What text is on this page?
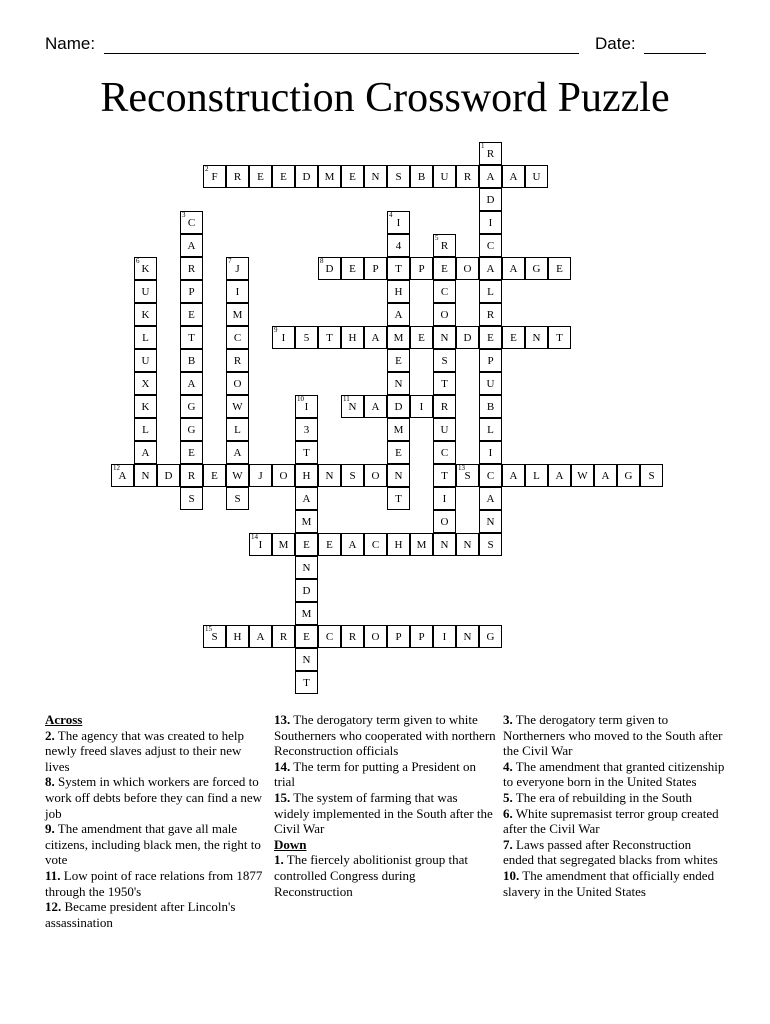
Name:	Date:
Reconstruction Crossword Puzzle
1
R
A
D
I
C
A
L
R
E
P
U
B
L
I
C
A
N
S
2
F	R	E	E	D	M	E	N	S	B	U	R	A	U
3
C
A
R
P
E
T
B
A
G
G
E
R
S
4
I
4
T
H
A
M
E
N
D
M
E
N
T
5
R
E
C
O
N
S
T
R
U
C
T
I
O
N
6
K
U
K
L
U
X
K
L
A
N
7
J
I
M
C
R
O
W
L
A
W
S
8
D	E	P	P	O	A	G	E
9
I	5	T	H	A	E	D	E	N	T
10
I
3
T
H
A
M
E
N
D
M
E
N
T
11
N	A	I
12
A	D	E	J	O	N	S	O
13
S	A	L	A	W	A	G	S
14
I	M	E	A	C	H	M	N
15
S	H	A	R	C	R	O	P	P	I	N	G
Across
2. The agency that was created to help newly freed slaves adjust to their new lives
8. System in which workers are forced to work off debts before they can find a new job
9. The amendment that gave all male citizens, including black men, the right to vote
11. Low point of race relations from 1877 through the 1950's
12. Became president after Lincoln's assassination
13. The derogatory term given to white Southerners who cooperated with northern Reconstruction officials
14. The term for putting a President on trial
15. The system of farming that was widely implemented in the South after the Civil War
Down
1. The fiercely abolitionist group that controlled Congress during Reconstruction
3. The derogatory term given to Northerners who moved to the South after the Civil War
4. The amendment that granted citizenship to everyone born in the United States
5. The era of rebuilding in the South
6. White supremasist terror group created after the Civil War
7. Laws passed after Reconstruction ended that segregated blacks from whites
10. The amendment that officially ended slavery in the United States
